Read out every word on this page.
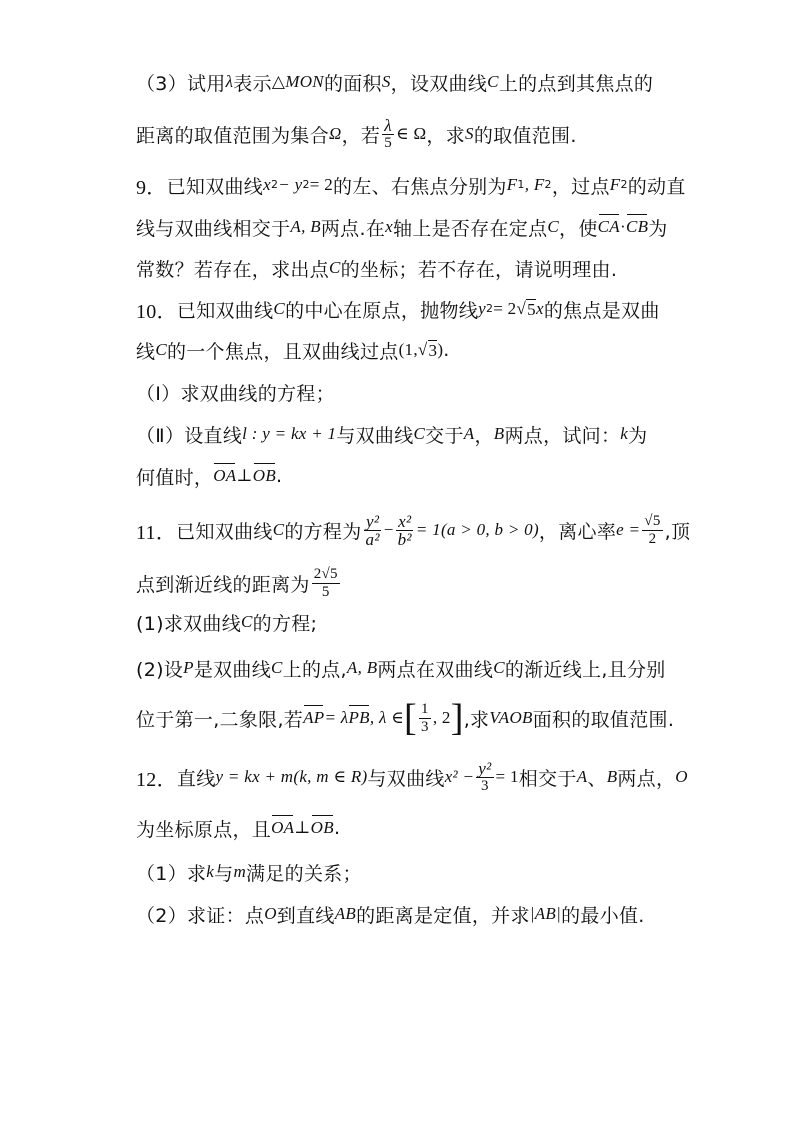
（3）试用 λ 表示 △MON 的面积 S ，设双曲线 C 上的点到其焦点的
距离的取值范围为集合 Ω ，若 $\frac{\lambda}{5}$ ∈ Ω ，求 S 的取值范围.
9． 已知双曲线 x 2 − y 2 = 2 的左、右焦点分别为 F 1 , F 2 ，过点 F 2 的动直
线与双曲线相交于 A, B 两点.在 x 轴上是否存在定点 C ，使 CA · CB 为
常数？若存在，求出点 C 的坐标；若不存在，请说明理由.
10． 已知双曲线 C 的中心在原点，抛物线 y 2 = 2 √ 5 x 的焦点是双曲
线 C 的一个焦点，且双曲线过点 (1, √ 3 ) .
（Ⅰ）求双曲线的方程；
（Ⅱ）设直线 l : y = kx + 1 与双曲线 C 交于 A ， B 两点，试问： k 为
何值时， OA ⊥ OB .
11． 已知双曲线 C 的方程为 $\frac{\text{y²}}{\text{a²}} - \frac{\text{x²}}{\text{b²}} = 1(a > 0$, b > 0) ，离心率 $e = \frac{√5}{2}$ ,顶
点到渐近线的距离为 $\frac{2√5}{5}$
(1)求双曲线 C 的方程;
(2)设 P 是双曲线 C 上的点, A, B 两点在双曲线 C 的渐近线上,且分别
位于第一,二象限,若 AP = λ PB , λ ∈ [ $\frac{1}{3}$ , 2 ] ,求 VAOB 面积的取值范围.
12． 直线 y = kx + m(k, m ∈ R) 与双曲线 $x^2 - \frac{\text{y²}}{3} = 1$ 相交于 A 、 B 两点， O
为坐标原点，且 OA ⊥ OB .
（1）求 k 与 m 满足的关系；
（2）求证：点 O 到直线 AB 的距离是定值，并求 |AB| 的最小值.
